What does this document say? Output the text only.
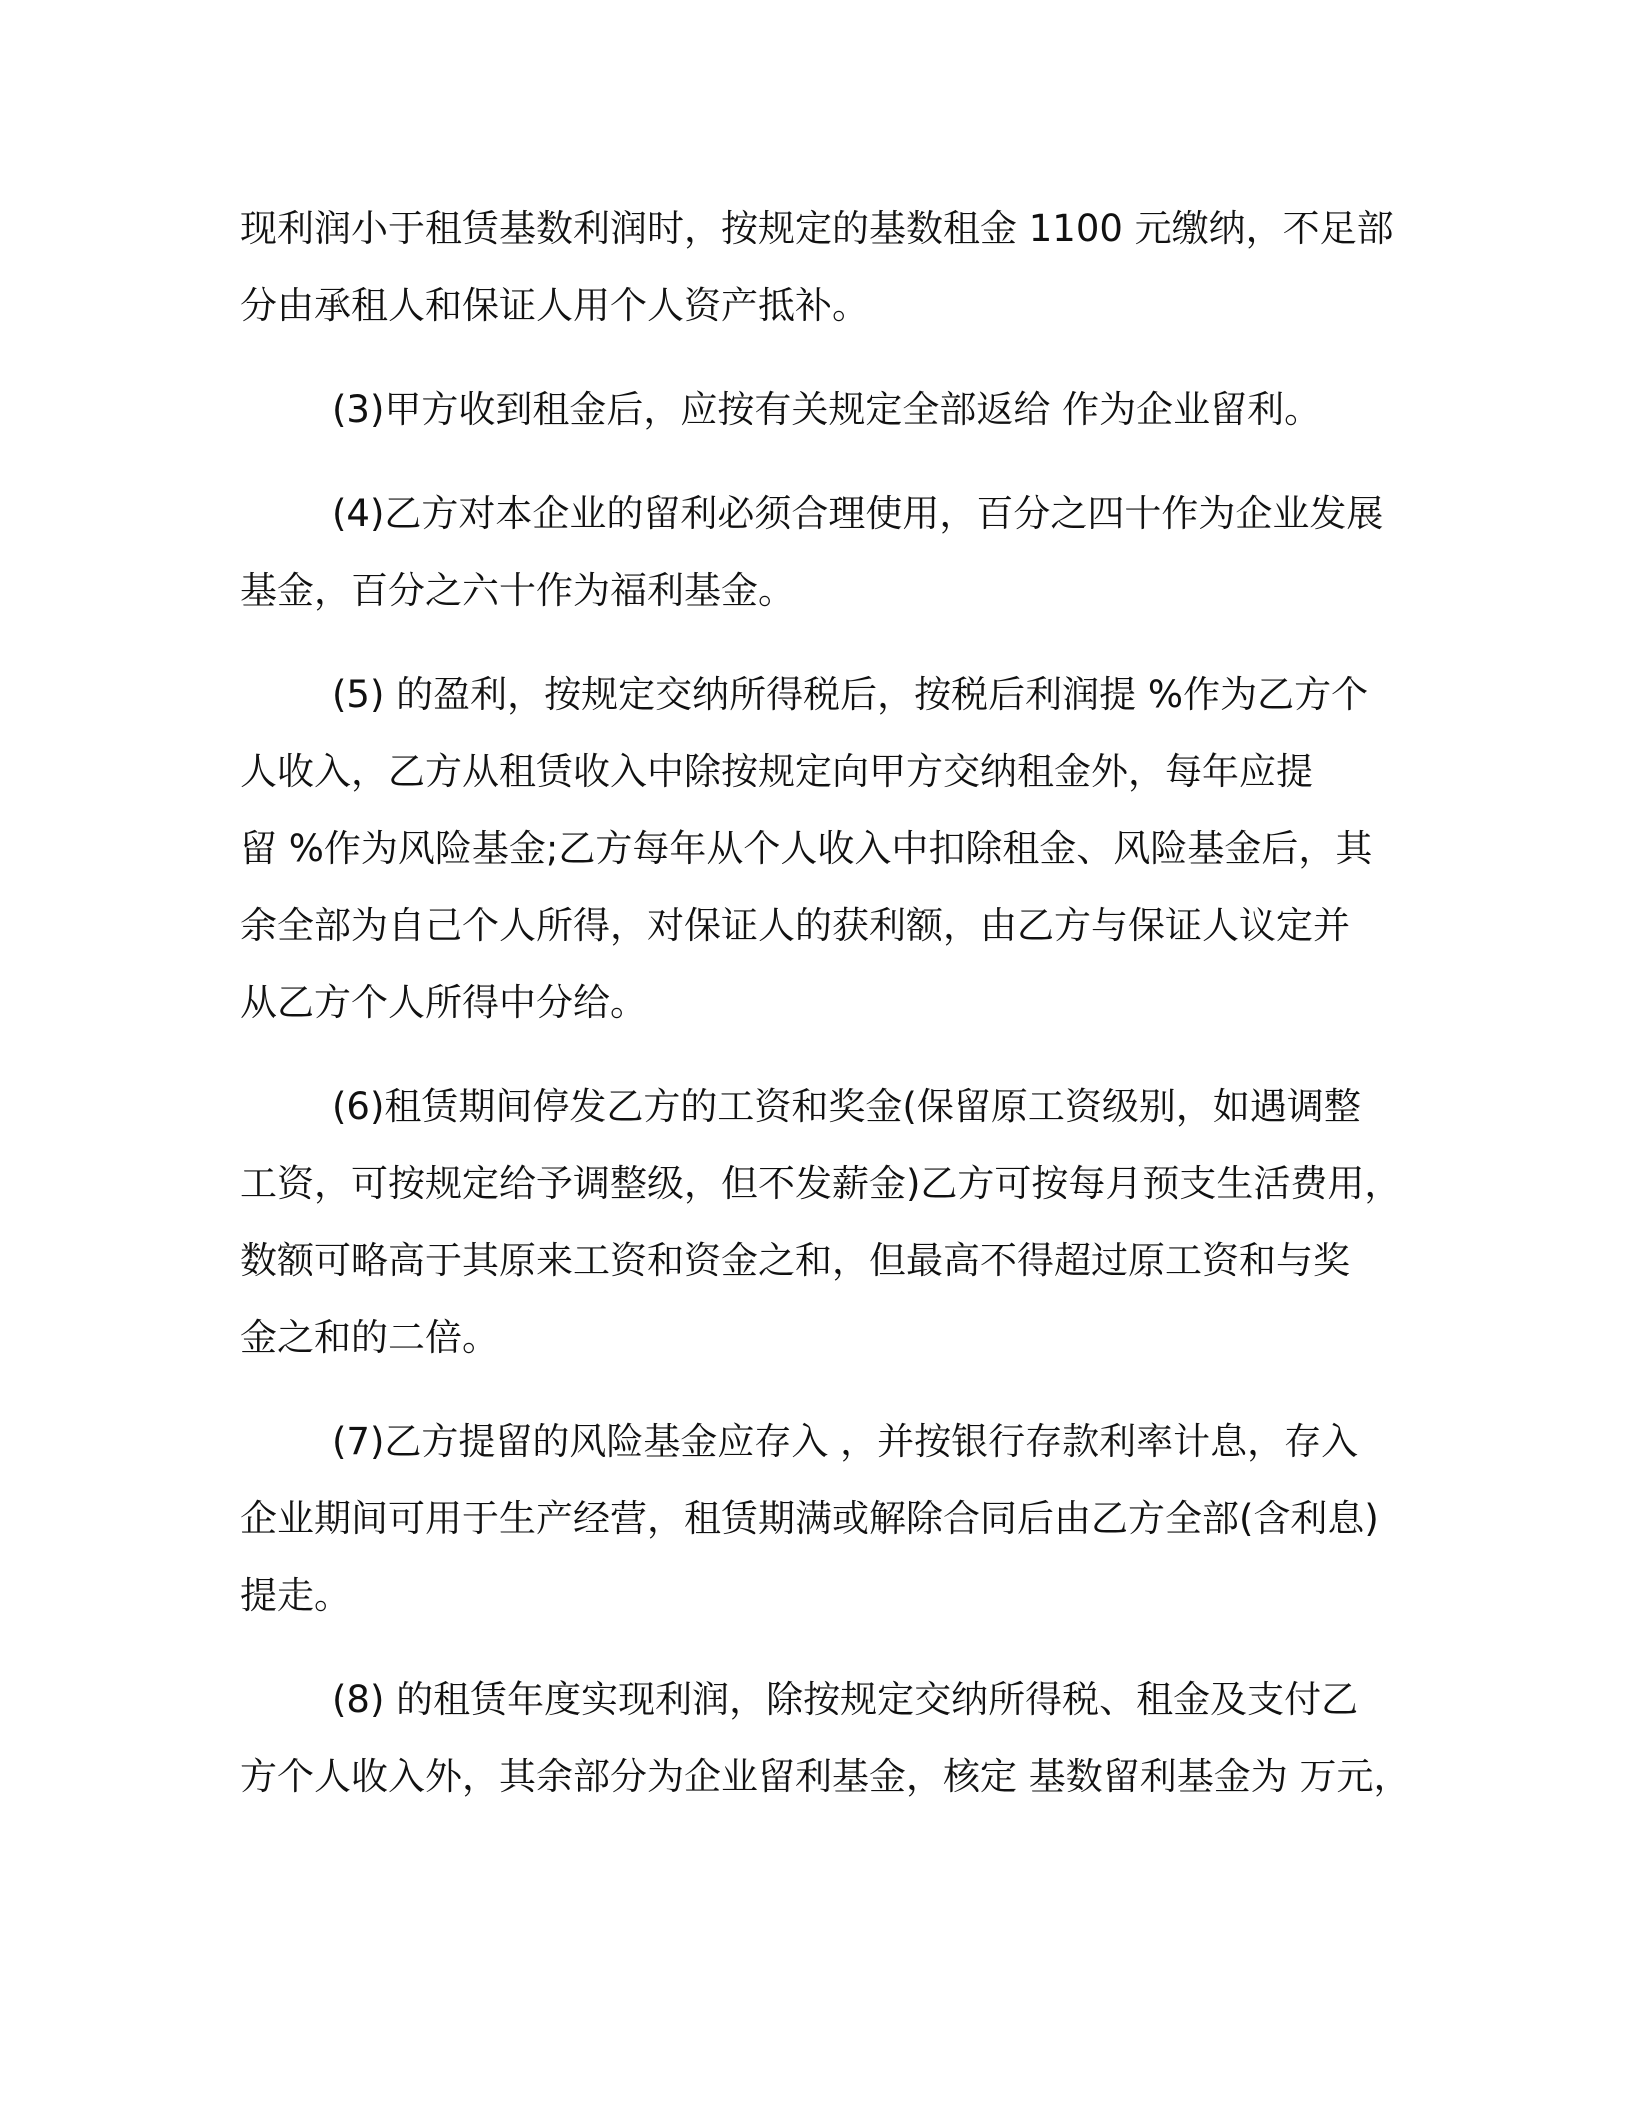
现利润小于租赁基数利润时，按规定的基数租金 1100 元缴纳，不足部
分由承租人和保证人用个人资产抵补。

(3)甲方收到租金后，应按有关规定全部返给 作为企业留利。

(4)乙方对本企业的留利必须合理使用，百分之四十作为企业发展
基金，百分之六十作为福利基金。

(5) 的盈利，按规定交纳所得税后，按税后利润提 %作为乙方个
人收入，乙方从租赁收入中除按规定向甲方交纳租金外，每年应提
留 %作为风险基金;乙方每年从个人收入中扣除租金、风险基金后，其
余全部为自己个人所得，对保证人的获利额，由乙方与保证人议定并
从乙方个人所得中分给。

(6)租赁期间停发乙方的工资和奖金(保留原工资级别，如遇调整
工资，可按规定给予调整级，但不发薪金)乙方可按每月预支生活费用，
数额可略高于其原来工资和资金之和，但最高不得超过原工资和与奖
金之和的二倍。

(7)乙方提留的风险基金应存入 ，并按银行存款利率计息，存入
企业期间可用于生产经营，租赁期满或解除合同后由乙方全部(含利息)
提走。

(8) 的租赁年度实现利润，除按规定交纳所得税、租金及支付乙
方个人收入外，其余部分为企业留利基金，核定 基数留利基金为 万元，
